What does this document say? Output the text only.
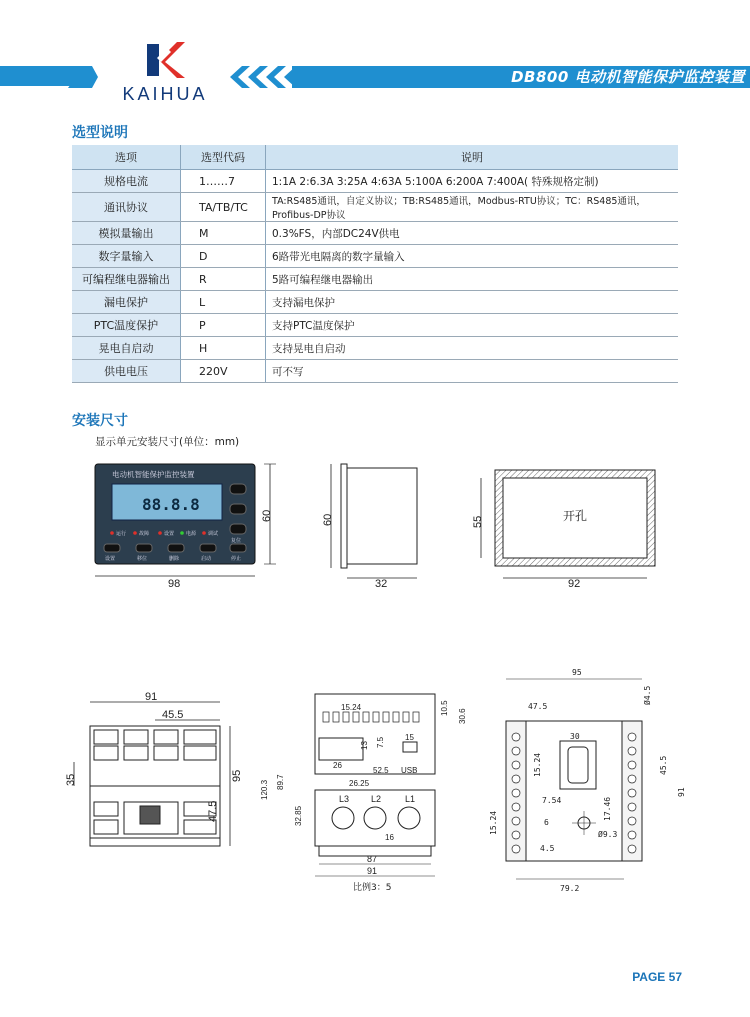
DB800 电动机智能保护监控装置
KAIHUA
选型说明
选项	选型代码	说明
规格电流	1……7	1:1A 2:6.3A 3:25A 4:63A 5:100A 6:200A 7:400A( 特殊规格定制)
通讯协议	TA/TB/TC	TA:RS485通讯，自定义协议；TB:RS485通讯，Modbus-RTU协议；TC：RS485通讯，Profibus-DP协议
模拟量输出	M	0.3%FS，内部DC24V供电
数字量输入	D	6路带光电隔离的数字量输入
可编程继电器输出	R	5路可编程继电器输出
漏电保护	L	支持漏电保护
PTC温度保护	P	支持PTC温度保护
晃电自启动	H	支持晃电自启动
供电电压	220V	可不写
安装尺寸
显示单元安装尺寸(单位：mm)
电动机智能保护监控装置
88.8.8
复位
运行	故障	设置 电源 调试
设置	移位	删除	启动	停止
60
98
60
32
开孔
55
92
91
45.5
35	95
47.5
15.24	10.5
30.6
13 7.5	15
26
52.5 USB
26.25
L3 L2	L1
16
120.3 89.7
32.85
87
91
比例3：5
95
47.5
Ø4.5
30
15.24	45.5
91
7.54	17.46
6
Ø9.3
15.24
4.5
79.2
PAGE 57
